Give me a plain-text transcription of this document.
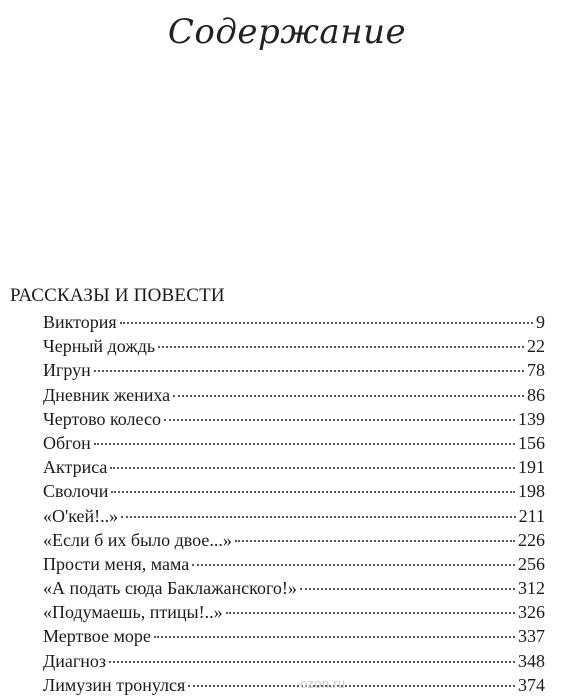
Содержание
РАССКАЗЫ И ПОВЕСТИ
Виктория	9
Черный дождь	22
Игрун	78
Дневник жениха	86
Чертово колесо	139
Обгон	156
Актриса	191
Сволочи	198
«О'кей!..»	211
«Если б их было двое...»	226
Прости меня, мама	256
«А подать сюда Баклажанского!»	312
«Подумаешь, птицы!..»	326
Мертвое море	337
Диагноз	348
Лимузин тронулся	374
ozon.ru
